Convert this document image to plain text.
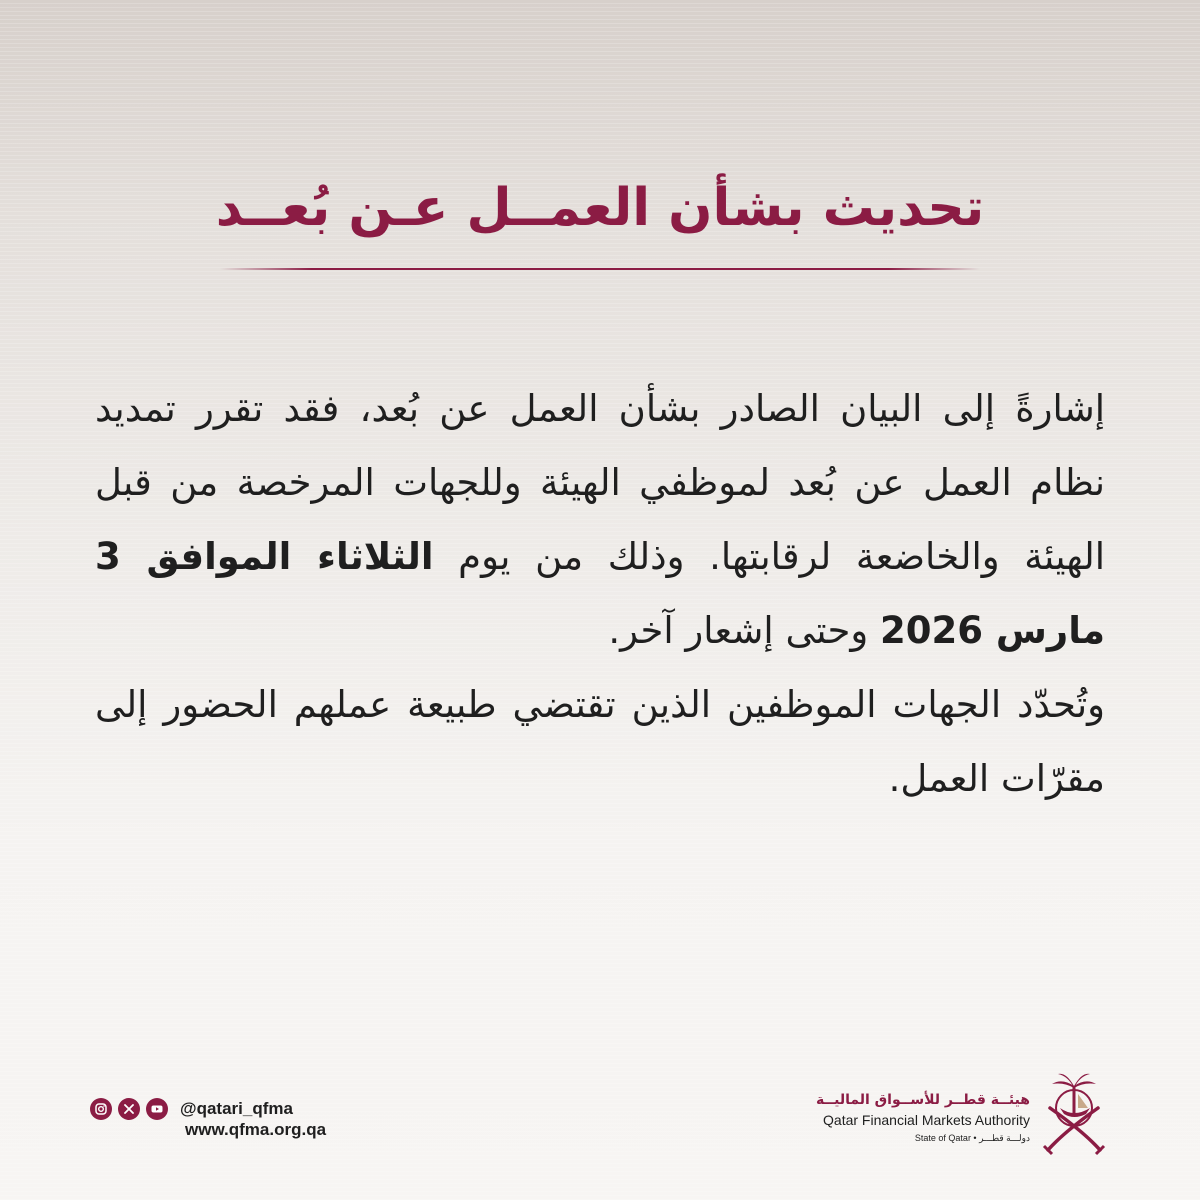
تحديث بشأن العمــل عـن بُعــد
إشارةً إلى البيان الصادر بشأن العمل عن بُعد، فقد تقرر تمديد نظام العمل عن بُعد لموظفي الهيئة وللجهات المرخصة من قبل الهيئة والخاضعة لرقابتها. وذلك من يوم الثلاثاء الموافق 3 مارس 2026 وحتى إشعار آخر.
وتُحدّد الجهات الموظفين الذين تقتضي طبيعة عملهم الحضور إلى مقرّات العمل.
@qatari_qfma
www.qfma.org.qa
هيئــة قطــر للأســواق الماليــة
Qatar Financial Markets Authority
State of Qatar • دولـــة قطـــر
